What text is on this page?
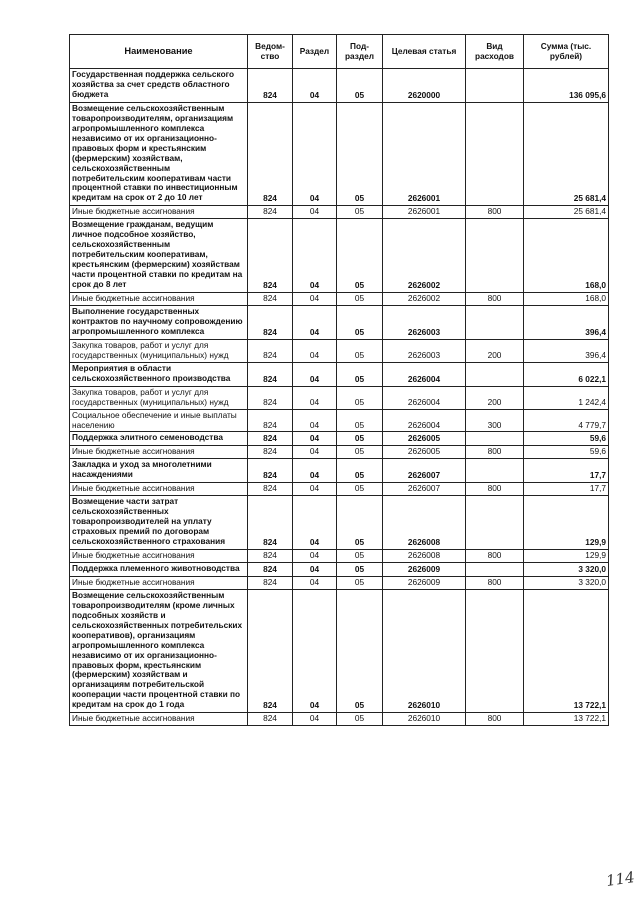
Наименование	Ведом-ство	Раздел	Под-раздел	Целевая статья	Вид расходов	Сумма (тыс. рублей)
Государственная поддержка сельского хозяйства за счет средств областного бюджета	824	04	05	2620000		136 095,6
Возмещение сельскохозяйственным товаропроизводителям, организациям агропромышленного комплекса независимо от их организационно-правовых форм и крестьянским (фермерским) хозяйствам, сельскохозяйственным потребительским кооперативам части процентной ставки по инвестиционным кредитам на срок от 2 до 10 лет	824	04	05	2626001		25 681,4
Иные бюджетные ассигнования	824	04	05	2626001	800	25 681,4
Возмещение гражданам, ведущим личное подсобное хозяйство, сельскохозяйственным потребительским кооперативам, крестьянским (фермерским) хозяйствам части процентной ставки по кредитам на срок до 8 лет	824	04	05	2626002		168,0
Иные бюджетные ассигнования	824	04	05	2626002	800	168,0
Выполнение государственных контрактов по научному сопровождению агропромышленного комплекса	824	04	05	2626003		396,4
Закупка товаров, работ и услуг для государственных (муниципальных) нужд	824	04	05	2626003	200	396,4
Мероприятия в области сельскохозяйственного производства	824	04	05	2626004		6 022,1
Закупка товаров, работ и услуг для государственных (муниципальных) нужд	824	04	05	2626004	200	1 242,4
Социальное обеспечение и иные выплаты населению	824	04	05	2626004	300	4 779,7
Поддержка элитного семеноводства	824	04	05	2626005		59,6
Иные бюджетные ассигнования	824	04	05	2626005	800	59,6
Закладка и уход за многолетними насаждениями	824	04	05	2626007		17,7
Иные бюджетные ассигнования	824	04	05	2626007	800	17,7
Возмещение части затрат сельскохозяйственных товаропроизводителей на уплату страховых премий по договорам сельскохозяйственного страхования	824	04	05	2626008		129,9
Иные бюджетные ассигнования	824	04	05	2626008	800	129,9
Поддержка племенного животноводства	824	04	05	2626009		3 320,0
Иные бюджетные ассигнования	824	04	05	2626009	800	3 320,0
Возмещение сельскохозяйственным товаропроизводителям (кроме личных подсобных хозяйств и сельскохозяйственных потребительских кооперативов), организациям агропромышленного комплекса независимо от их организационно-правовых форм, крестьянским (фермерским) хозяйствам и организациям потребительской кооперации части процентной ставки по кредитам на срок до 1 года	824	04	05	2626010		13 722,1
Иные бюджетные ассигнования	824	04	05	2626010	800	13 722,1
114
